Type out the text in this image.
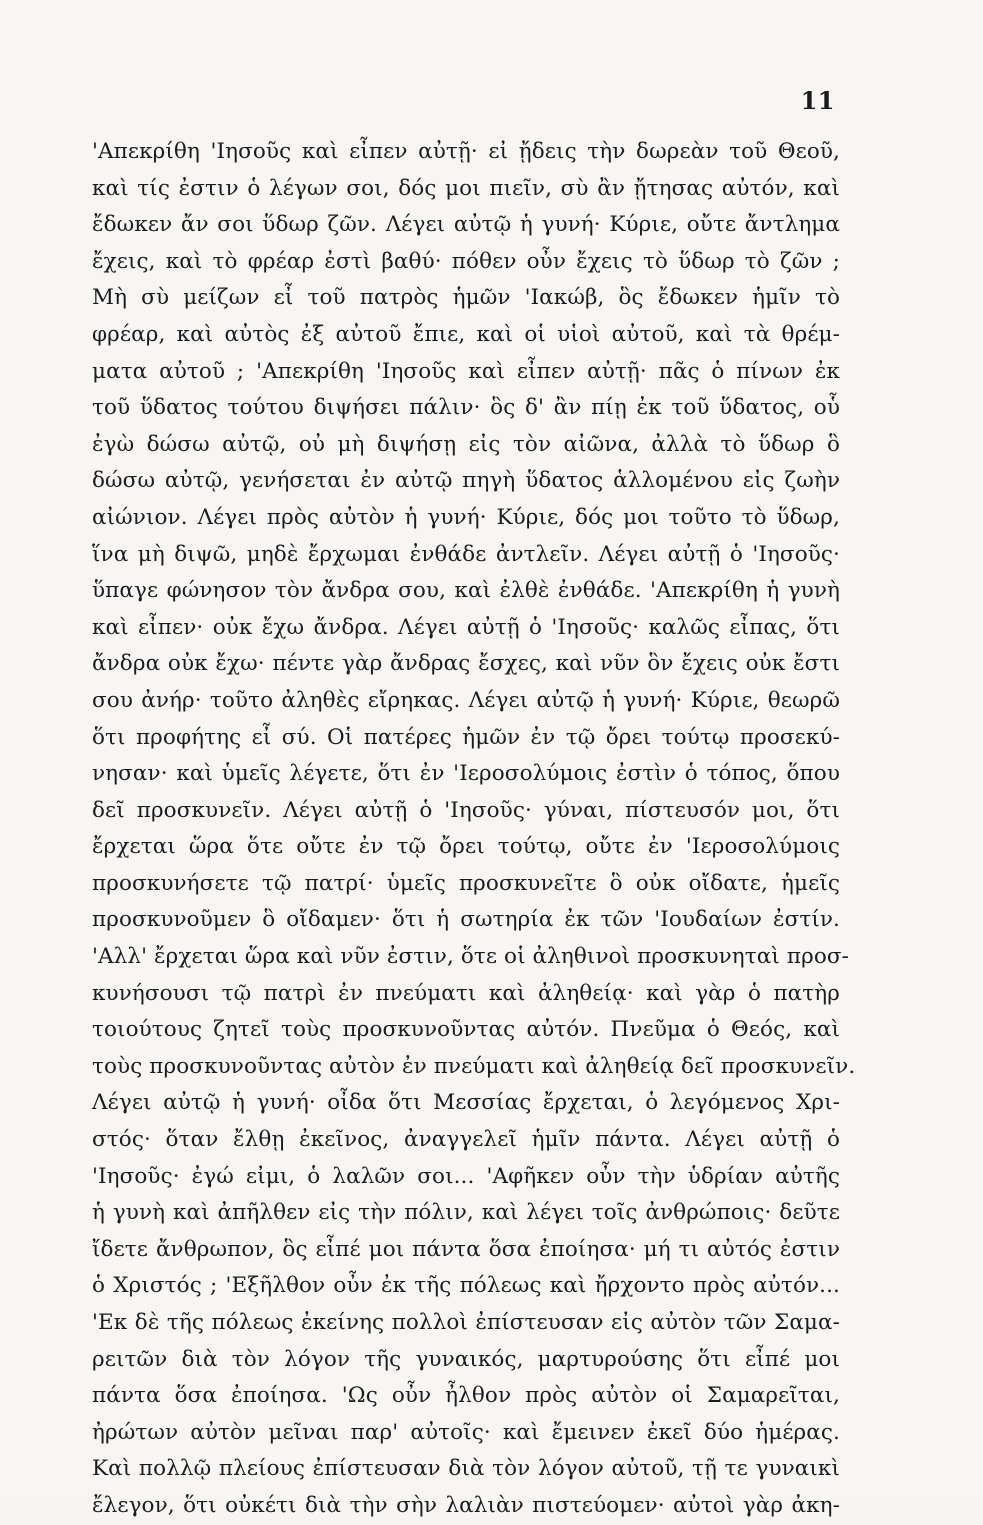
11
'Απεκρίθη 'Ιησοῦς καὶ εἶπεν αὐτῇ· εἰ ᾔδεις τὴν δωρεὰν τοῦ Θεοῦ,
καὶ τίς ἐστιν ὁ λέγων σοι, δός μοι πιεῖν, σὺ ἂν ᾔτησας αὐτόν, καὶ
ἔδωκεν ἄν σοι ὕδωρ ζῶν. Λέγει αὐτῷ ἡ γυνή· Κύριε, οὔτε ἄντλημα
ἔχεις, καὶ τὸ φρέαρ ἐστὶ βαθύ· πόθεν οὖν ἔχεις τὸ ὕδωρ τὸ ζῶν ;
Μὴ σὺ μείζων εἶ τοῦ πατρὸς ἡμῶν 'Ιακώβ, ὃς ἔδωκεν ἡμῖν τὸ
φρέαρ, καὶ αὐτὸς ἐξ αὐτοῦ ἔπιε, καὶ οἱ υἱοὶ αὐτοῦ, καὶ τὰ θρέμ-
ματα αὐτοῦ ; 'Απεκρίθη 'Ιησοῦς καὶ εἶπεν αὐτῇ· πᾶς ὁ πίνων ἐκ
τοῦ ὕδατος τούτου διψήσει πάλιν· ὃς δ' ἂν πίῃ ἐκ τοῦ ὕδατος, οὗ
ἐγὼ δώσω αὐτῷ, οὐ μὴ διψήσῃ εἰς τὸν αἰῶνα, ἀλλὰ τὸ ὕδωρ ὃ
δώσω αὐτῷ, γενήσεται ἐν αὐτῷ πηγὴ ὕδατος ἁλλομένου εἰς ζωὴν
αἰώνιον. Λέγει πρὸς αὐτὸν ἡ γυνή· Κύριε, δός μοι τοῦτο τὸ ὕδωρ,
ἵνα μὴ διψῶ, μηδὲ ἔρχωμαι ἐνθάδε ἀντλεῖν. Λέγει αὐτῇ ὁ 'Ιησοῦς·
ὕπαγε φώνησον τὸν ἄνδρα σου, καὶ ἐλθὲ ἐνθάδε. 'Απεκρίθη ἡ γυνὴ
καὶ εἶπεν· οὐκ ἔχω ἄνδρα. Λέγει αὐτῇ ὁ 'Ιησοῦς· καλῶς εἶπας, ὅτι
ἄνδρα οὐκ ἔχω· πέντε γὰρ ἄνδρας ἔσχες, καὶ νῦν ὃν ἔχεις οὐκ ἔστι
σου ἀνήρ· τοῦτο ἀληθὲς εἴρηκας. Λέγει αὐτῷ ἡ γυνή· Κύριε, θεωρῶ
ὅτι προφήτης εἶ σύ. Οἱ πατέρες ἡμῶν ἐν τῷ ὄρει τούτῳ προσεκύ-
νησαν· καὶ ὑμεῖς λέγετε, ὅτι ἐν 'Ιεροσολύμοις ἐστὶν ὁ τόπος, ὅπου
δεῖ προσκυνεῖν. Λέγει αὐτῇ ὁ 'Ιησοῦς· γύναι, πίστευσόν μοι, ὅτι
ἔρχεται ὥρα ὅτε οὔτε ἐν τῷ ὄρει τούτῳ, οὔτε ἐν 'Ιεροσολύμοις
προσκυνήσετε τῷ πατρί· ὑμεῖς προσκυνεῖτε ὃ οὐκ οἴδατε, ἡμεῖς
προσκυνοῦμεν ὃ οἴδαμεν· ὅτι ἡ σωτηρία ἐκ τῶν 'Ιουδαίων ἐστίν.
'Αλλ' ἔρχεται ὥρα καὶ νῦν ἐστιν, ὅτε οἱ ἀληθινοὶ προσκυνηταὶ προσ-
κυνήσουσι τῷ πατρὶ ἐν πνεύματι καὶ ἀληθείᾳ· καὶ γὰρ ὁ πατὴρ
τοιούτους ζητεῖ τοὺς προσκυνοῦντας αὐτόν. Πνεῦμα ὁ Θεός, καὶ
τοὺς προσκυνοῦντας αὐτὸν ἐν πνεύματι καὶ ἀληθείᾳ δεῖ προσκυνεῖν.
Λέγει αὐτῷ ἡ γυνή· οἶδα ὅτι Μεσσίας ἔρχεται, ὁ λεγόμενος Χρι-
στός· ὅταν ἔλθῃ ἐκεῖνος, ἀναγγελεῖ ἡμῖν πάντα. Λέγει αὐτῇ ὁ
'Ιησοῦς· ἐγώ εἰμι, ὁ λαλῶν σοι... 'Αφῆκεν οὖν τὴν ὑδρίαν αὐτῆς
ἡ γυνὴ καὶ ἀπῆλθεν εἰς τὴν πόλιν, καὶ λέγει τοῖς ἀνθρώποις· δεῦτε
ἴδετε ἄνθρωπον, ὃς εἶπέ μοι πάντα ὅσα ἐποίησα· μή τι αὐτός ἐστιν
ὁ Χριστός ; 'Εξῆλθον οὖν ἐκ τῆς πόλεως καὶ ἤρχοντο πρὸς αὐτόν...
'Εκ δὲ τῆς πόλεως ἐκείνης πολλοὶ ἐπίστευσαν εἰς αὐτὸν τῶν Σαμα-
ρειτῶν διὰ τὸν λόγον τῆς γυναικός, μαρτυρούσης ὅτι εἶπέ μοι
πάντα ὅσα ἐποίησα. 'Ως οὖν ἦλθον πρὸς αὐτὸν οἱ Σαμαρεῖται,
ἠρώτων αὐτὸν μεῖναι παρ' αὐτοῖς· καὶ ἔμεινεν ἐκεῖ δύο ἡμέρας.
Καὶ πολλῷ πλείους ἐπίστευσαν διὰ τὸν λόγον αὐτοῦ, τῇ τε γυναικὶ
ἔλεγον, ὅτι οὐκέτι διὰ τὴν σὴν λαλιὰν πιστεύομεν· αὐτοὶ γὰρ ἀκη-
